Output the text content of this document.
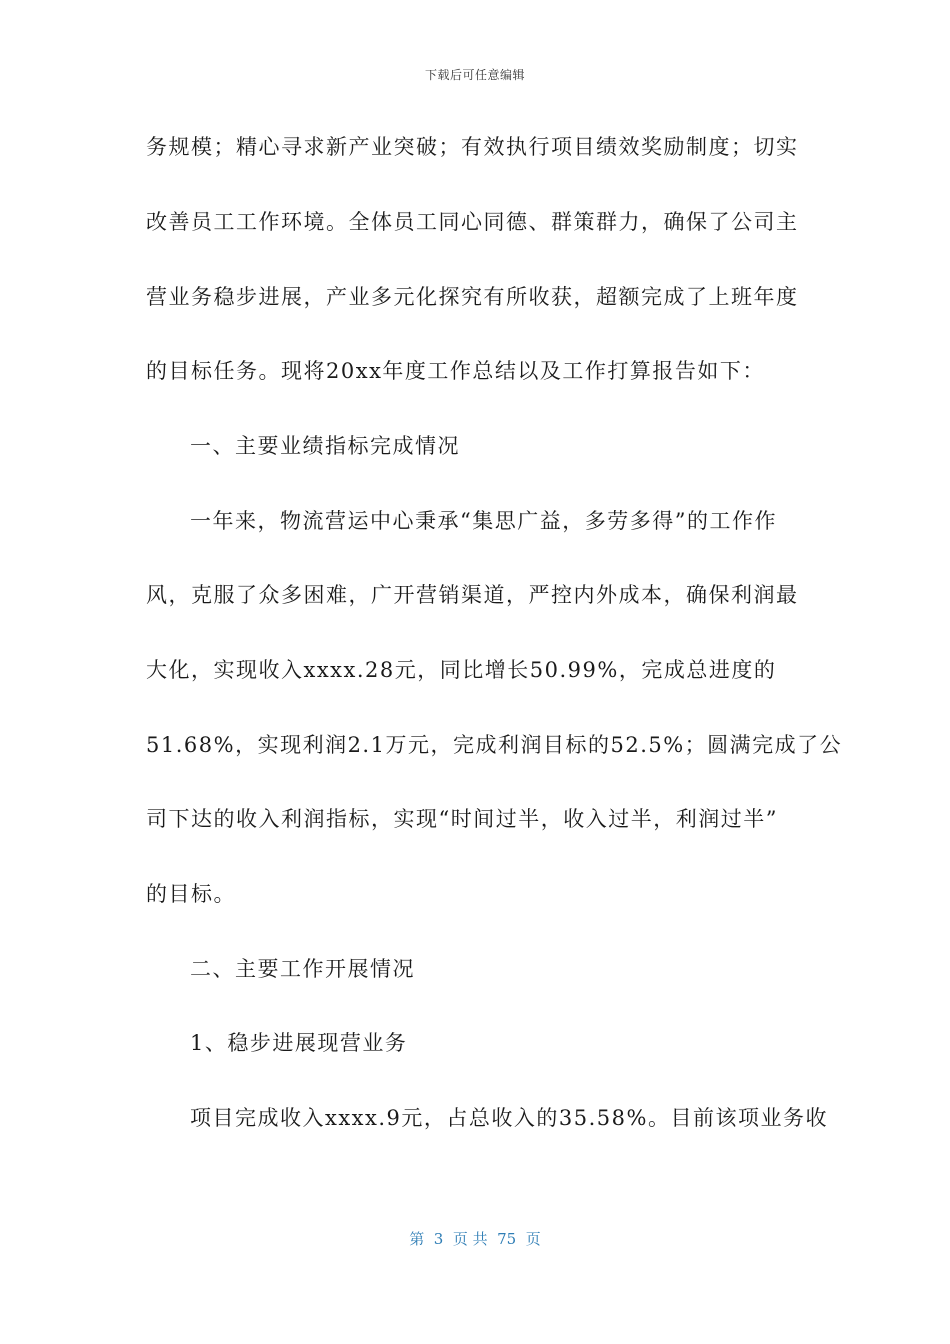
下载后可任意编辑
务规模；精心寻求新产业突破；有效执行项目绩效奖励制度；切实
改善员工工作环境。全体员工同心同德、群策群力，确保了公司主
营业务稳步进展，产业多元化探究有所收获，超额完成了上班年度
的目标任务。现将20xx年度工作总结以及工作打算报告如下：
一、主要业绩指标完成情况
一年来，物流营运中心秉承“集思广益，多劳多得”的工作作
风，克服了众多困难，广开营销渠道，严控内外成本，确保利润最
大化，实现收入xxxx.28元，同比增长50.99%，完成总进度的
51.68%，实现利润2.1万元，完成利润目标的52.5%；圆满完成了公
司下达的收入利润指标，实现“时间过半，收入过半，利润过半”
的目标。
二、主要工作开展情况
1、稳步进展现营业务
项目完成收入xxxx.9元，占总收入的35.58%。目前该项业务收
第  3  页 共  75  页
